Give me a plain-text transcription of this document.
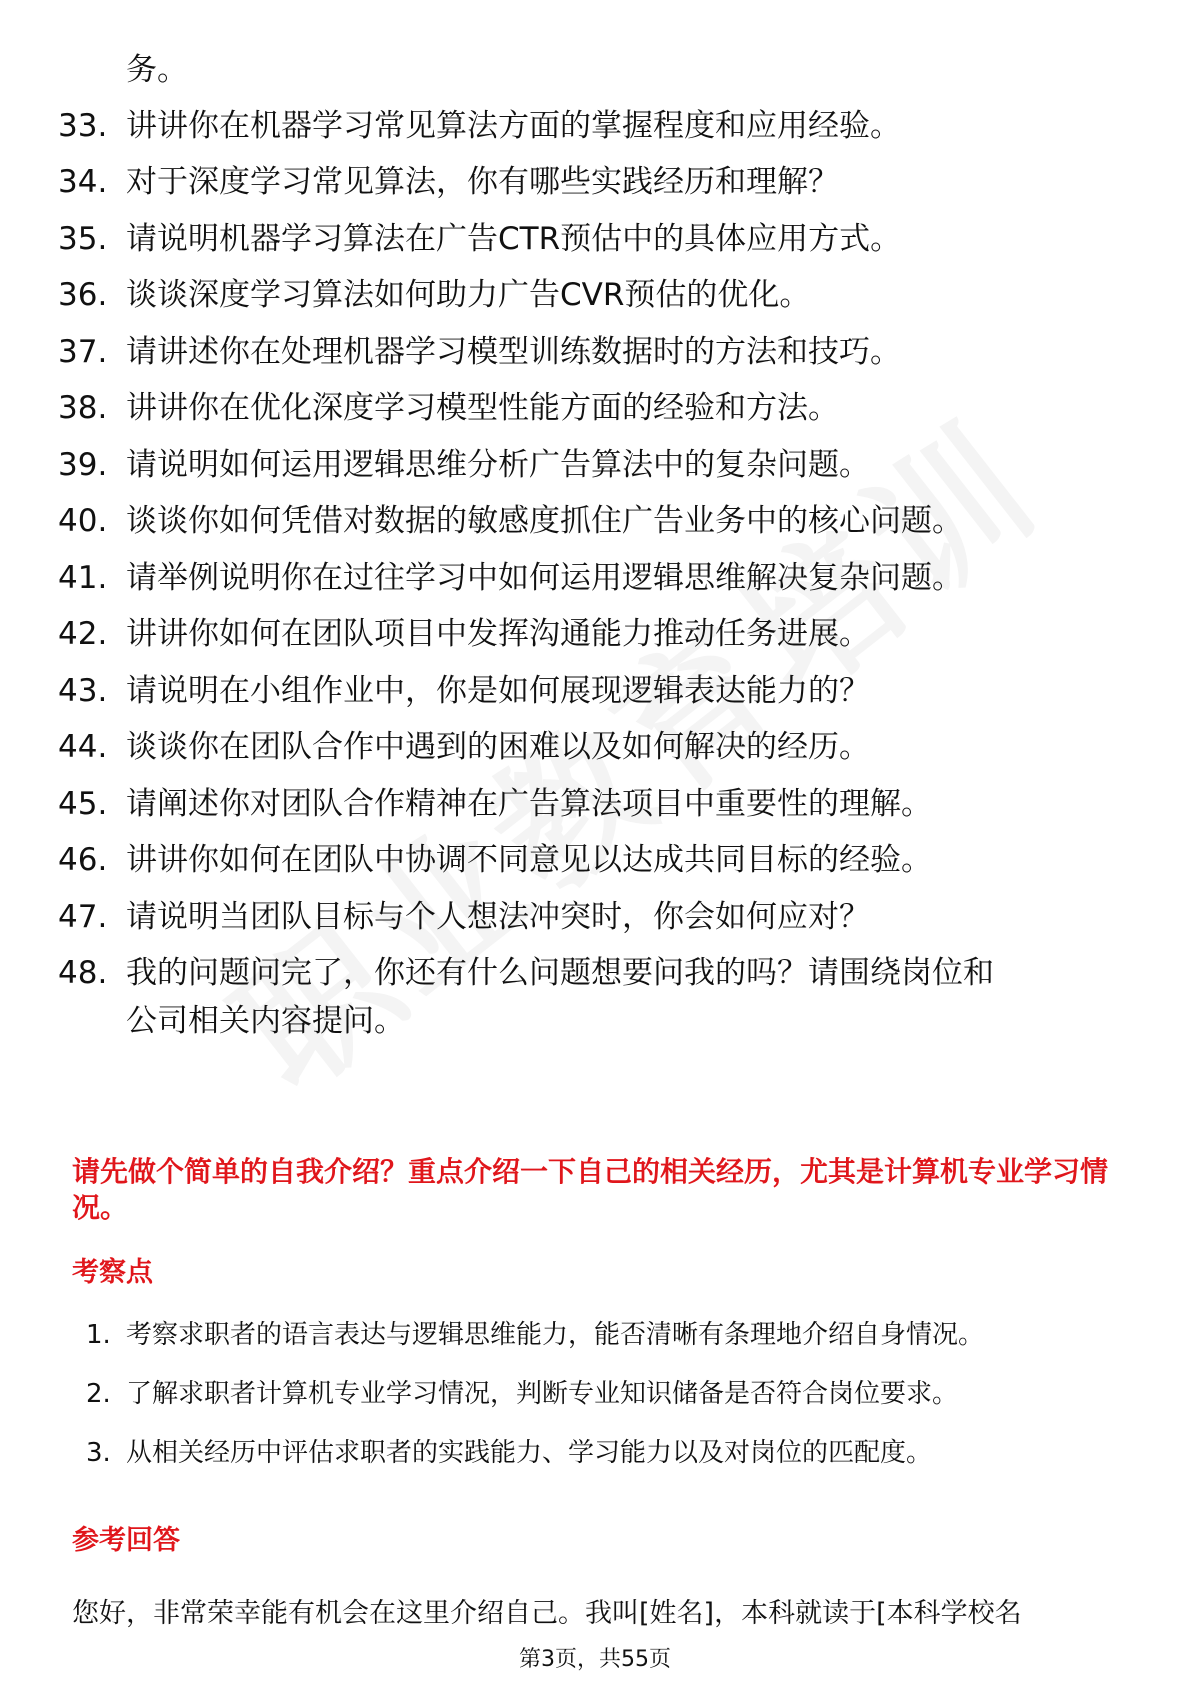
务。
33. 讲讲你在机器学习常见算法方面的掌握程度和应用经验。
34. 对于深度学习常见算法，你有哪些实践经历和理解？
35. 请说明机器学习算法在广告CTR预估中的具体应用方式。
36. 谈谈深度学习算法如何助力广告CVR预估的优化。
37. 请讲述你在处理机器学习模型训练数据时的方法和技巧。
38. 讲讲你在优化深度学习模型性能方面的经验和方法。
39. 请说明如何运用逻辑思维分析广告算法中的复杂问题。
40. 谈谈你如何凭借对数据的敏感度抓住广告业务中的核心问题。
41. 请举例说明你在过往学习中如何运用逻辑思维解决复杂问题。
42. 讲讲你如何在团队项目中发挥沟通能力推动任务进展。
43. 请说明在小组作业中，你是如何展现逻辑表达能力的？
44. 谈谈你在团队合作中遇到的困难以及如何解决的经历。
45. 请阐述你对团队合作精神在广告算法项目中重要性的理解。
46. 讲讲你如何在团队中协调不同意见以达成共同目标的经验。
47. 请说明当团队目标与个人想法冲突时，你会如何应对？
48. 我的问题问完了，你还有什么问题想要问我的吗？请围绕岗位和
公司相关内容提问。
请先做个简单的自我介绍？重点介绍一下自己的相关经历，尤其是计算机专业学习情况。
考察点
1. 考察求职者的语言表达与逻辑思维能力，能否清晰有条理地介绍自身情况。
2. 了解求职者计算机专业学习情况，判断专业知识储备是否符合岗位要求。
3. 从相关经历中评估求职者的实践能力、学习能力以及对岗位的匹配度。
参考回答
您好，非常荣幸能有机会在这里介绍自己。我叫[姓名]，本科就读于[本科学校名
第3页，共55页
